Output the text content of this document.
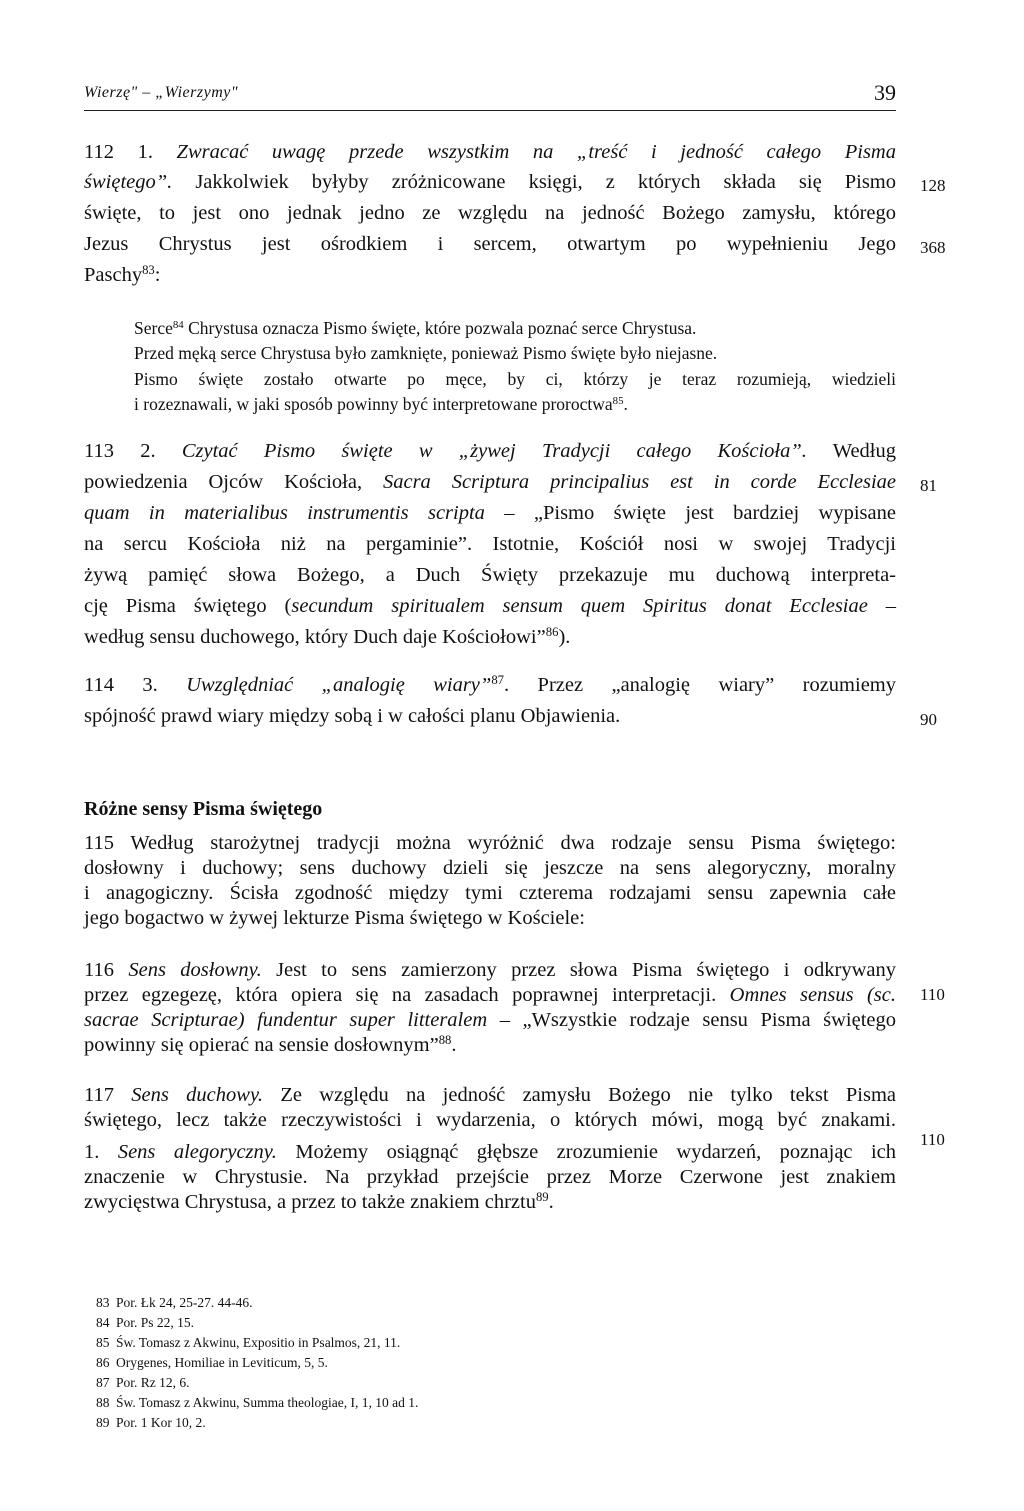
Wierzę" – „Wierzymy"	39
112 1. Zwracać uwagę przede wszystkim na „treść i jedność całego Pisma
świętego”. Jakkolwiek byłyby zróżnicowane księgi, z których składa się Pismo
święte, to jest ono jednak jedno ze względu na jedność Bożego zamysłu, którego
Jezus Chrystus jest ośrodkiem i sercem, otwartym po wypełnieniu Jego
Paschy$^{83}$:
128
368
Serce$^{84}$ Chrystusa oznacza Pismo święte, które pozwala poznać serce Chrystusa.
Przed męką serce Chrystusa było zamknięte, ponieważ Pismo święte było niejasne.
Pismo święte zostało otwarte po męce, by ci, którzy je teraz rozumieją, wiedzieli
i rozeznawali, w jaki sposób powinny być interpretowane proroctwa$^{85}$.
113 2. Czytać Pismo święte w „żywej Tradycji całego Kościoła”. Według
powiedzenia Ojców Kościoła, Sacra Scriptura principalius est in corde Ecclesiae
quam in materialibus instrumentis scripta – „Pismo święte jest bardziej wypisane
na sercu Kościoła niż na pergaminie”. Istotnie, Kościół nosi w swojej Tradycji
żywą pamięć słowa Bożego, a Duch Święty przekazuje mu duchową interpreta-
cję Pisma świętego (secundum spiritualem sensum quem Spiritus donat Ecclesiae –
według sensu duchowego, który Duch daje Kościołowi”$^{86}$).
81
114 3. Uwzględniać „analogię wiary”$^{87}$. Przez „analogię wiary” rozumiemy
spójność prawd wiary między sobą i w całości planu Objawienia.	90
Różne sensy Pisma świętego
115 Według starożytnej tradycji można wyróżnić dwa rodzaje sensu Pisma świętego:
dosłowny i duchowy; sens duchowy dzieli się jeszcze na sens alegoryczny, moralny
i anagogiczny. Ścisła zgodność między tymi czterema rodzajami sensu zapewnia całe
jego bogactwo w żywej lekturze Pisma świętego w Kościele:
116 Sens dosłowny. Jest to sens zamierzony przez słowa Pisma świętego i odkrywany
przez egzegezę, która opiera się na zasadach poprawnej interpretacji. Omnes sensus (sc.
sacrae Scripturae) fundentur super litteralem – „Wszystkie rodzaje sensu Pisma świętego
powinny się opierać na sensie dosłownym”$^{88}$.
110
117 Sens duchowy. Ze względu na jedność zamysłu Bożego nie tylko tekst Pisma
świętego, lecz także rzeczywistości i wydarzenia, o których mówi, mogą być znakami.
1. Sens alegoryczny. Możemy osiągnąć głębsze zrozumienie wydarzeń, poznając ich
znaczenie w Chrystusie. Na przykład przejście przez Morze Czerwone jest znakiem
zwycięstwa Chrystusa, a przez to także znakiem chrztu$^{89}$.
110
83 Por. Łk 24, 25-27. 44-46.
84 Por. Ps 22, 15.
85 Św. Tomasz z Akwinu, Expositio in Psalmos, 21, 11.
86 Orygenes, Homiliae in Leviticum, 5, 5.
87 Por. Rz 12, 6.
88 Św. Tomasz z Akwinu, Summa theologiae, I, 1, 10 ad 1.
89 Por. 1 Kor 10, 2.
